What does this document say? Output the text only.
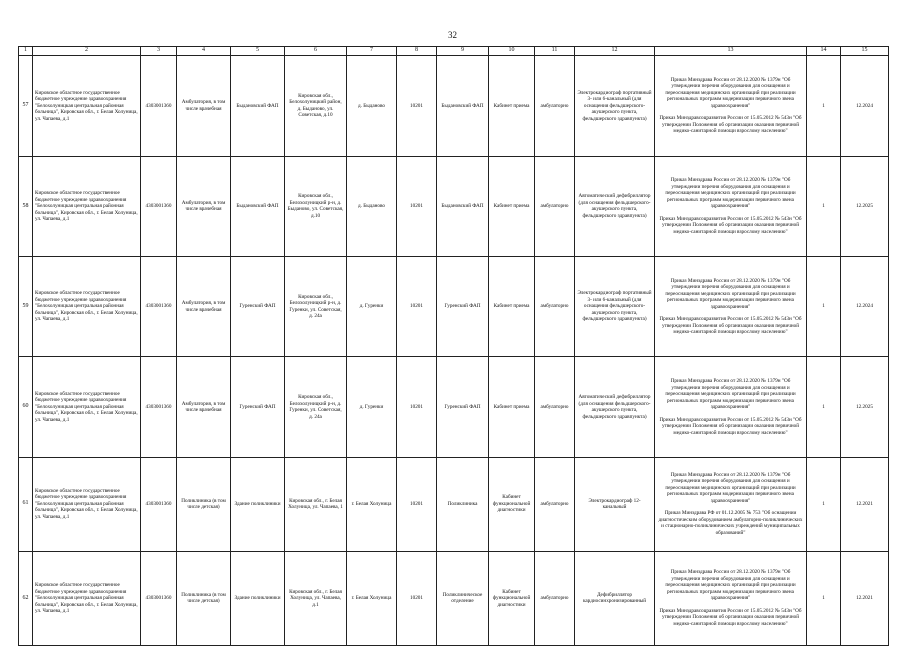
32
1	2	3	4	5	6	7	8	9	10	11	12	13	14	15
57	Кировское областное государственное бюджетное учреждение здравоохранения "Белохолуницкая центральная районная больница", Кировская обл., г. Белая Холуница, ул. Чапаева, д.1	4303001360	Амбулатория, в том числе врачебная	Быдановский ФАП	Кировская обл., Белохолуницкий район, д. Быданово, ул. Советская, д.10	д. Быданово	10201	Быдановский ФАП	Кабинет приема	амбулаторно	Электрокардиограф портативный 3- или 6-канальный (для оснащения фельдшерского-акушерского пункта, фельдшерского здравпункта)	Приказ Минздрава России от 28.12.2020 № 1379н "Об утверждении перечня оборудования для оснащения и переоснащения медицинских организаций при реализации региональных программ модернизации первичного звена здравоохранения"

Приказ Минздравсоцразвития России от 15.05.2012 № 543н "Об утверждении Положения об организации оказания первичной медико-санитарной помощи взрослому населению"	1	12.2024
58	Кировское областное государственное бюджетное учреждение здравоохранения "Белохолуницкая центральная районная больница", Кировская обл., г. Белая Холуница, ул. Чапаева, д.1	4303001360	Амбулатория, в том числе врачебная	Быдановский ФАП	Кировская обл., Белохолуницкий р-н, д. Быданово, ул. Советская, д.10	д. Быданово	10201	Быдановский ФАП	Кабинет приема	амбулаторно	Автоматический дефибриллятор (для оснащения фельдшерского-акушерского пункта, фельдшерского здравпункта)	Приказ Минздрава России от 28.12.2020 № 1379н "Об утверждении перечня оборудования для оснащения и переоснащения медицинских организаций при реализации региональных программ модернизации первичного звена здравоохранения"

Приказ Минздравсоцразвития России от 15.05.2012 № 543н "Об утверждении Положения об организации оказания первичной медико-санитарной помощи взрослому населению"	1	12.2025
59	Кировское областное государственное бюджетное учреждение здравоохранения "Белохолуницкая центральная районная больница", Кировская обл., г. Белая Холуница, ул. Чапаева, д.1	4303001360	Амбулатория, в том числе врачебная	Гуренский ФАП	Кировская обл., Белохолуницкий р-н, д. Гуренки, ул. Советская, д. 24а	д. Гуренки	10201	Гуренский ФАП	Кабинет приема	амбулаторно	Электрокардиограф портативный 3- или 6-канальный (для оснащения фельдшерского-акушерского пункта, фельдшерского здравпункта)	Приказ Минздрава России от 28.12.2020 № 1379н "Об утверждении перечня оборудования для оснащения и переоснащения медицинских организаций при реализации региональных программ модернизации первичного звена здравоохранения"

Приказ Минздравсоцразвития России от 15.05.2012 № 543н "Об утверждении Положения об организации оказания первичной медико-санитарной помощи взрослому населению"	1	12.2024
60	Кировское областное государственное бюджетное учреждение здравоохранения "Белохолуницкая центральная районная больница", Кировская обл., г. Белая Холуница, ул. Чапаева, д.1	4303001360	Амбулатория, в том числе врачебная	Гуренский ФАП	Кировская обл., Белохолуницкий р-н, д. Гуренки, ул. Советская, д. 24а	д. Гуренки	10201	Гуренский ФАП	Кабинет приема	амбулаторно	Автоматический дефибриллятор (для оснащения фельдшерского-акушерского пункта, фельдшерского здравпункта)	Приказ Минздрава России от 28.12.2020 № 1379н "Об утверждении перечня оборудования для оснащения и переоснащения медицинских организаций при реализации региональных программ модернизации первичного звена здравоохранения"

Приказ Минздравсоцразвития России от 15.05.2012 № 543н "Об утверждении Положения об организации оказания первичной медико-санитарной помощи взрослому населению"	1	12.2025
61	Кировское областное государственное бюджетное учреждение здравоохранения "Белохолуницкая центральная районная больница", Кировская обл., г. Белая Холуница, ул. Чапаева, д.1	4303001360	Поликлиника (в том числе детская)	Здание поликлиники	Кировская обл., г. Белая Холуница, ул. Чапаева, 1	г. Белая Холуница	10201	Поликлиника	Кабинет функциональной диагностики	амбулаторно	Электрокардиограф 12-канальный	Приказ Минздрава России от 28.12.2020 № 1379н "Об утверждении перечня оборудования для оснащения и переоснащения медицинских организаций при реализации региональных программ модернизации первичного звена здравоохранения"

Приказ Минздрава РФ от 01.12.2005 № 753 "Об оснащении диагностическим оборудованием амбулаторно-поликлинических и стационарно-поликлинических учреждений муниципальных образований"	1	12.2021
62	Кировское областное государственное бюджетное учреждение здравоохранения "Белохолуницкая центральная районная больница", Кировская обл., г. Белая Холуница, ул. Чапаева, д.1	4303001360	Поликлиника (в том числе детская)	Здание поликлиники	Кировская обл., г. Белая Холуница, ул. Чапаева, д.1	г. Белая Холуница	10201	Поликлиническое отделение	Кабинет функциональной диагностики	амбулаторно	Дефибриллятор кардиосинхронизированный	Приказ Минздрава России от 28.12.2020 № 1379н "Об утверждении перечня оборудования для оснащения и переоснащения медицинских организаций при реализации региональных программ модернизации первичного звена здравоохранения"

Приказ Минздравсоцразвития России от 15.05.2012 № 543н "Об утверждении Положения об организации оказания первичной медико-санитарной помощи взрослому населению"	1	12.2021
